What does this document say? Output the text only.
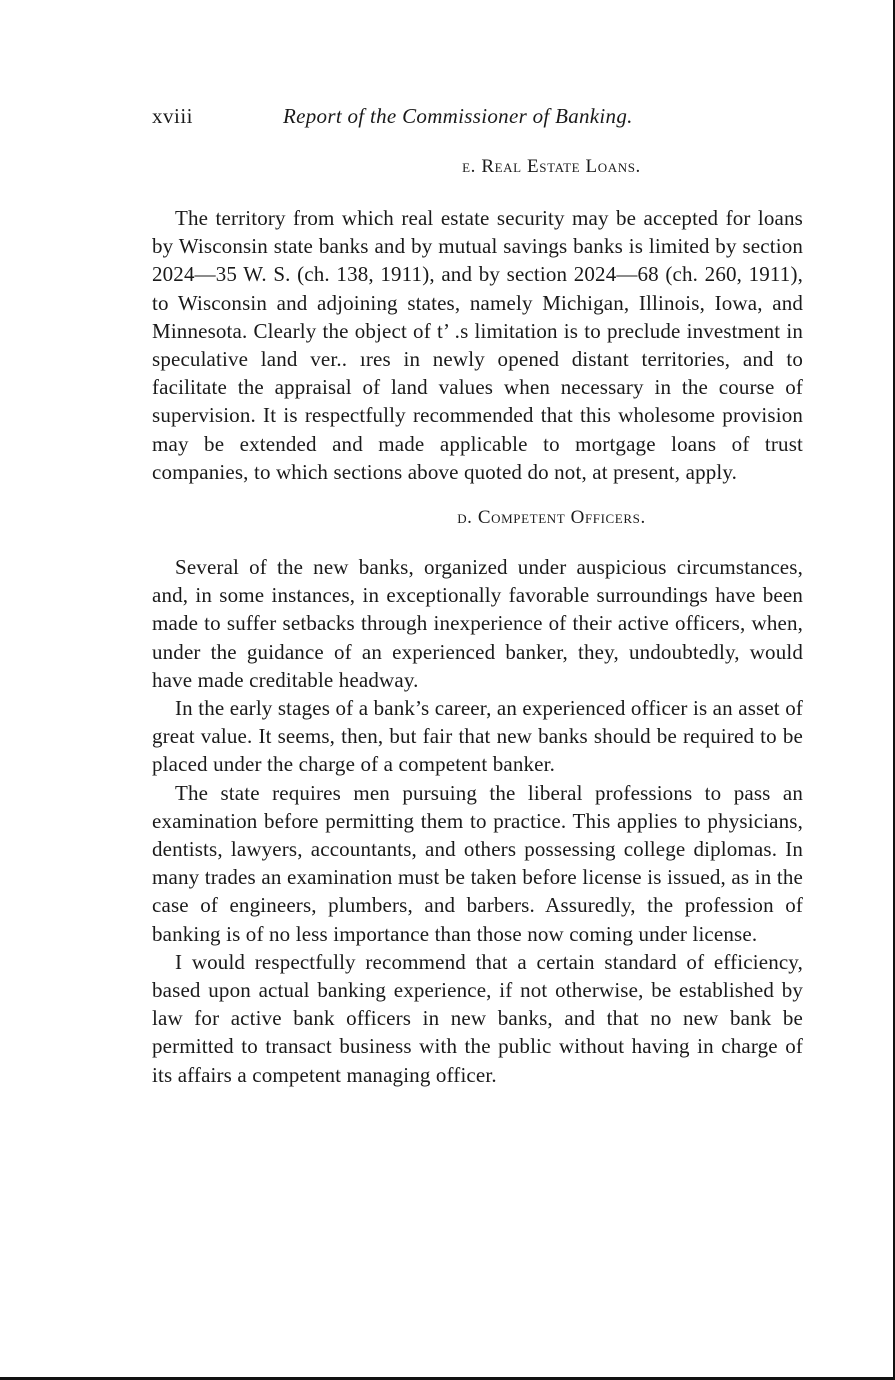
xviii	Report of the Commissioner of Banking.
e. Real Estate Loans.

The territory from which real estate security may be accepted for loans by Wisconsin state banks and by mutual savings banks is limited by section 2024—35 W. S. (ch. 138, 1911), and by section 2024—68 (ch. 260, 1911), to Wisconsin and adjoining states, namely Michigan, Illinois, Iowa, and Minnesota. Clearly the object of t’ .s limitation is to preclude investment in speculative land ver.. ıres in newly opened distant territories, and to facilitate the appraisal of land values when necessary in the course of supervision. It is respectfully recommended that this wholesome provision may be extended and made applicable to mortgage loans of trust companies, to which sections above quoted do not, at present, apply.

d. Competent Officers.

Several of the new banks, organized under auspicious circumstances, and, in some instances, in exceptionally favorable surroundings have been made to suffer setbacks through inexperience of their active officers, when, under the guidance of an experienced banker, they, undoubtedly, would have made creditable headway.

In the early stages of a bank’s career, an experienced officer is an asset of great value. It seems, then, but fair that new banks should be required to be placed under the charge of a competent banker.

The state requires men pursuing the liberal professions to pass an examination before permitting them to practice. This applies to physicians, dentists, lawyers, accountants, and others possessing college diplomas. In many trades an examination must be taken before license is issued, as in the case of engineers, plumbers, and barbers. Assuredly, the profession of banking is of no less importance than those now coming under license.

I would respectfully recommend that a certain standard of efficiency, based upon actual banking experience, if not otherwise, be established by law for active bank officers in new banks, and that no new bank be permitted to transact business with the public without having in charge of its affairs a competent managing officer.
